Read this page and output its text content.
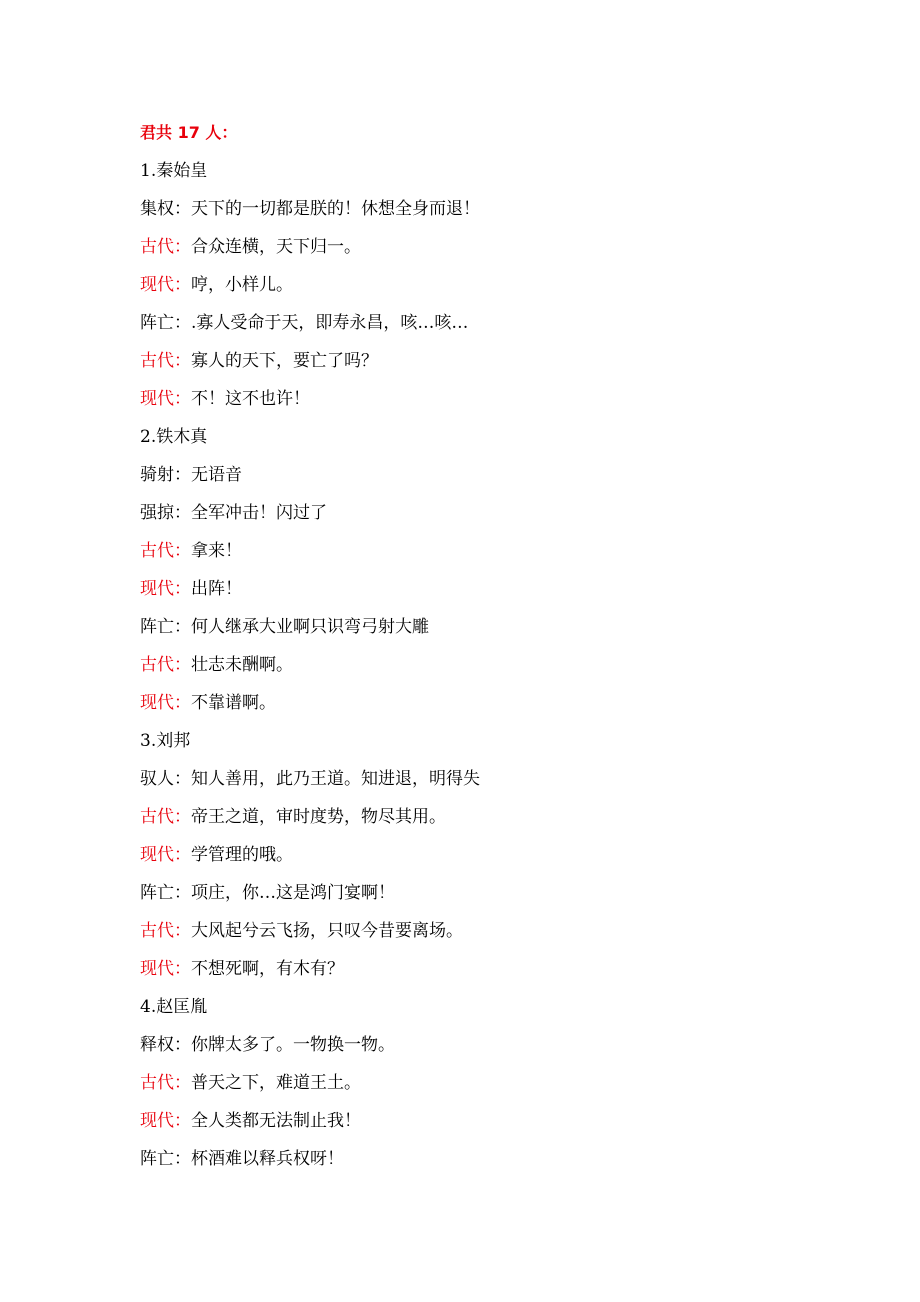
君共 17 人：
1.秦始皇
集权：天下的一切都是朕的！休想全身而退！
古代：合众连横，天下归一。
现代：哼，小样儿。
阵亡：.寡人受命于天，即寿永昌，咳…咳…
古代：寡人的天下，要亡了吗？
现代：不！这不也许！
2.铁木真
骑射：无语音
强掠：全军冲击！闪过了
古代：拿来！
现代：出阵！
阵亡：何人继承大业啊只识弯弓射大雕
古代：壮志未酬啊。
现代：不靠谱啊。
3.刘邦
驭人：知人善用，此乃王道。知进退，明得失
古代：帝王之道，审时度势，物尽其用。
现代：学管理的哦。
阵亡：项庄，你…这是鸿门宴啊！
古代：大风起兮云飞扬，只叹今昔要离场。
现代：不想死啊，有木有？
4.赵匡胤
释权：你牌太多了。一物换一物。
古代：普天之下，难道王土。
现代：全人类都无法制止我！
阵亡：杯酒难以释兵权呀！
